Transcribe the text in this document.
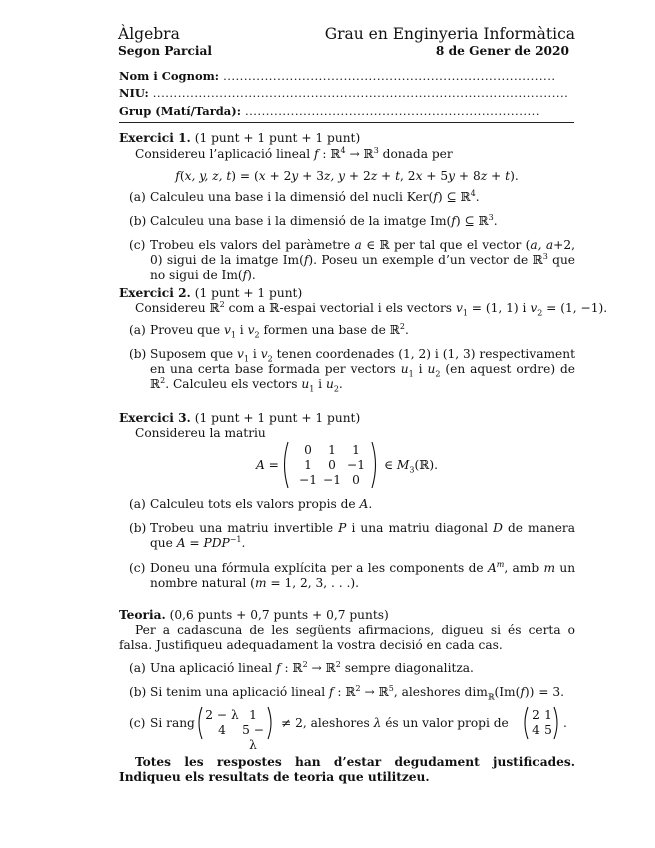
Àlgebra	Grau en Enginyeria Informàtica
Segon Parcial	8 de Gener de 2020
Nom i Cognom: ................................................................................
NIU: ....................................................................................................
Grup (Matí/Tarda): .......................................................................
Exercici 1. (1 punt + 1 punt + 1 punt)
Considereu l’aplicació lineal f : ℝ$^4$ → ℝ$^3$ donada per
f(x, y, z, t) = (x + 2y + 3z, y + 2z + t, 2x + 5y + 8z + t).
(a) Calculeu una base i la dimensió del nucli Ker(f) ⊆ ℝ$^4$.
(b) Calculeu una base i la dimensió de la imatge Im(f) ⊆ ℝ$^3$.
(c) Trobeu els valors del paràmetre a ∈ ℝ per tal que el vector (a, a+2, 0) sigui de la imatge Im(f). Poseu un exemple d’un vector de ℝ$^3$ que no sigui de Im(f).
Exercici 2. (1 punt + 1 punt)
Considereu ℝ$^2$ com a ℝ-espai vectorial i els vectors $v_1 = (1$, 1) i $v_2 = (1$, −1).
(a) Proveu que $v_1$ i $v_2$ formen una base de ℝ$^2$.
(b) Suposem que $v_1$ i $v_2$ tenen coordenades (1, 2) i (1, 3) respectivament en una certa base formada per vectors $u_1$ i $u_2$ (en aquest ordre) de ℝ$^2$. Calculeu els vectors $u_1$ i $u_2$.
Exercici 3. (1 punt + 1 punt + 1 punt)
Considereu la matriu
A =
0	1	1
1	0 −1
−1 −1 0
∈ $M_3(ℝ)$.
(a) Calculeu tots els valors propis de A.
(b) Trobeu una matriu invertible P i una matriu diagonal D de manera que $A = PDP^{-1}$.
(c) Doneu una fórmula explícita per a les components de $A^m$, amb m un nombre natural (m = 1, 2, 3, . . .).
Teoria. (0,6 punts + 0,7 punts + 0,7 punts)
Per a cadascuna de les següents afirmacions, digueu si és certa o falsa. Justifiqueu adequadament la vostra decisió en cada cas.
(a) Una aplicació lineal f : ℝ$^2$ → ℝ$^2$ sempre diagonalitza.
(b) Si tenim una aplicació lineal f : ℝ$^2$ → ℝ$^5$, aleshores dim$_ℝ$(Im(f)) = 3.
(c) Si rang
2 − λ 1
4	5 − λ
≠ 2, aleshores λ és un valor propi de
2 1
4 5 .
Totes les respostes han d’estar degudament justificades. Indiqueu els resultats de teoria que utilitzeu.
